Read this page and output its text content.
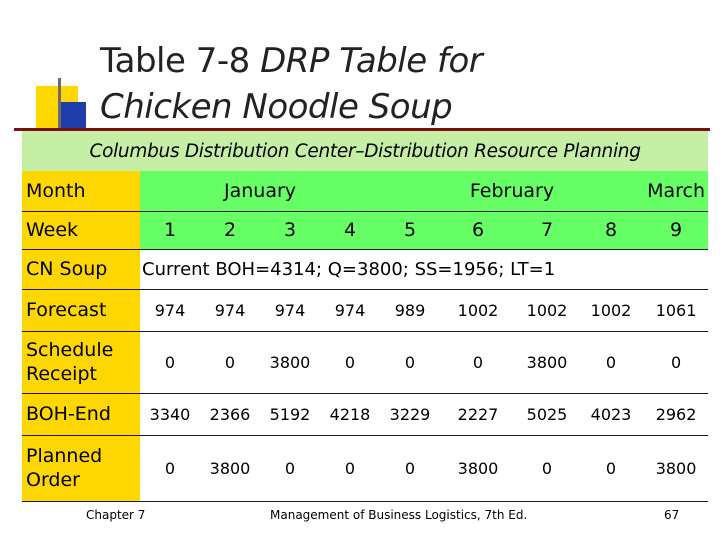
Table 7-8 DRP Table for
Chicken Noodle Soup
Columbus Distribution Center–Distribution Resource Planning									
Month	January				February				March
Week	1	2	3	4	5	6	7	8	9
CN Soup	Current BOH=4314; Q=3800; SS=1956; LT=1								
Forecast	974	974	974	974	989	1002	1002	1002	1061
Schedule Receipt	0	0	3800	0	0	0	3800	0	0
BOH-End	3340	2366	5192	4218	3229	2227	5025	4023	2962
Planned Order	0	3800	0	0	0	3800	0	0	3800
Chapter 7	Management of Business Logistics, 7th Ed.	67
